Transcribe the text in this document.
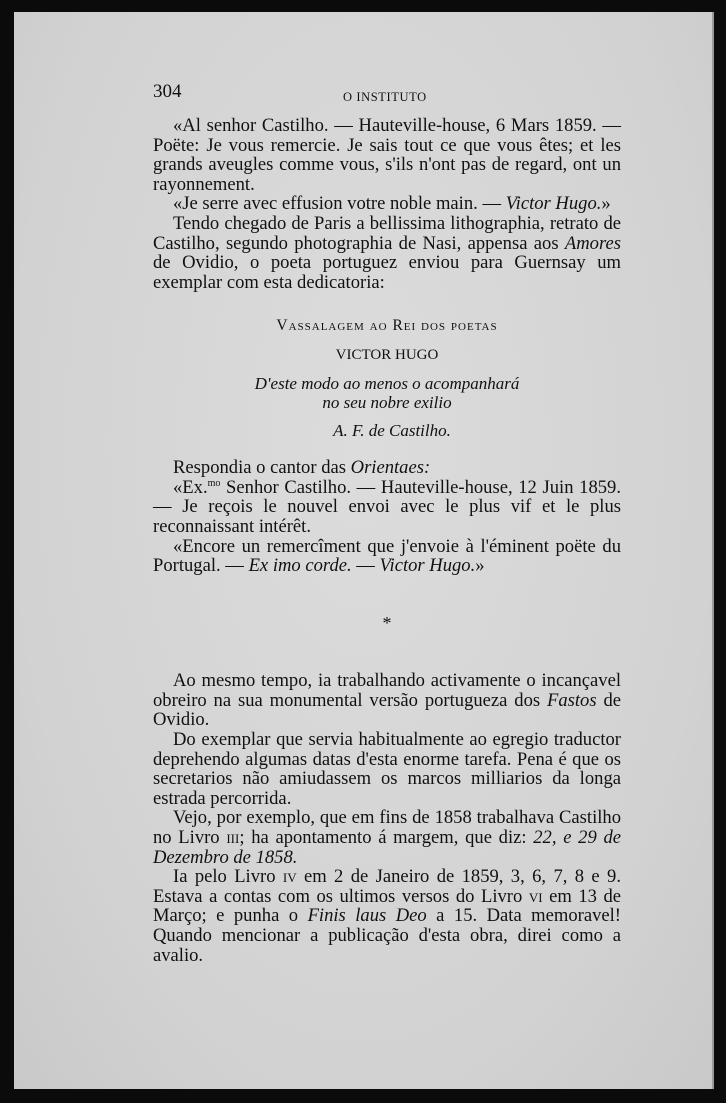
304	O INSTITUTO

«Al senhor Castilho. — Hauteville-house, 6 Mars 1859. — Poëte: Je vous remercie. Je sais tout ce que vous êtes; et les grands aveugles comme vous, s'ils n'ont pas de regard, ont un rayonnement.

«Je serre avec effusion votre noble main. — Victor Hugo.»

Tendo chegado de Paris a bellissima lithographia, retrato de Castilho, segundo photographia de Nasi, appensa aos Amores de Ovidio, o poeta portuguez enviou para Guernsay um exemplar com esta dedicatoria:

Vassalagem ao Rei dos poetas

VICTOR HUGO

D'este modo ao menos o acompanhará
no seu nobre exilio

A. F. de Castilho.

Respondia o cantor das Orientaes:

«Ex.$^{mo}$ Senhor Castilho. — Hauteville-house, 12 Juin 1859. — Je reçois le nouvel envoi avec le plus vif et le plus reconnaissant intérêt.

«Encore un remercîment que j'envoie à l'éminent poëte du Portugal. — Ex imo corde. — Victor Hugo.»

*

Ao mesmo tempo, ia trabalhando activamente o incançavel obreiro na sua monumental versão portugueza dos Fastos de Ovidio.

Do exemplar que servia habitualmente ao egregio traductor deprehendo algumas datas d'esta enorme tarefa. Pena é que os secretarios não amiudassem os marcos milliarios da longa estrada percorrida.

Vejo, por exemplo, que em fins de 1858 trabalhava Castilho no Livro iii; ha apontamento á margem, que diz: 22, e 29 de Dezembro de 1858.

Ia pelo Livro iv em 2 de Janeiro de 1859, 3, 6, 7, 8 e 9. Estava a contas com os ultimos versos do Livro vi em 13 de Março; e punha o Finis laus Deo a 15. Data memoravel! Quando mencionar a publicação d'esta obra, direi como a avalio.
